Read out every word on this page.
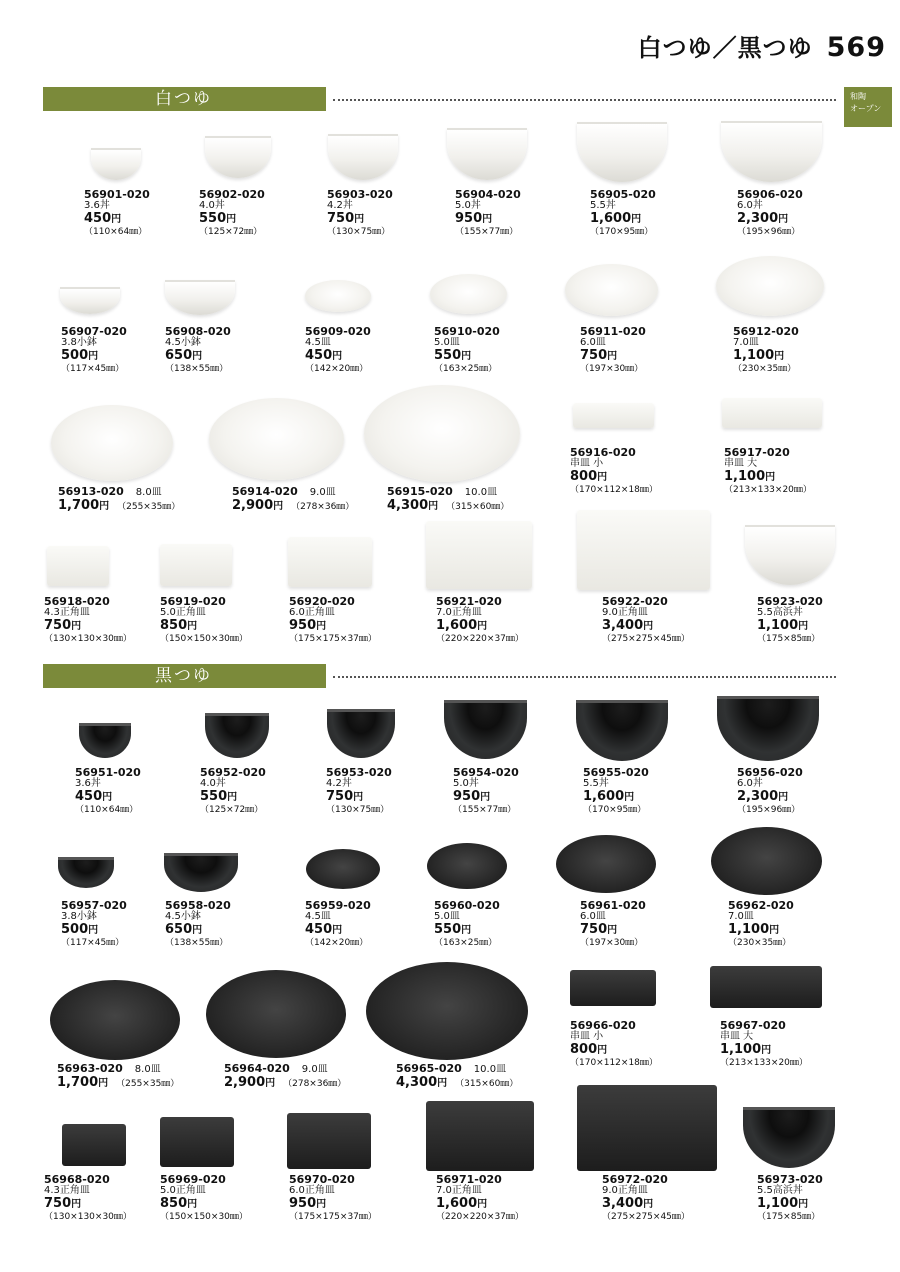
白つゆ／黒つゆ 569
和陶
オープン
白つゆ
黒つゆ
56901-020
3.6丼
450円
（110×64㎜）
56902-020
4.0丼
550円
（125×72㎜）
56903-020
4.2丼
750円
（130×75㎜）
56904-020
5.0丼
950円
（155×77㎜）
56905-020
5.5丼
1,600円
（170×95㎜）
56906-020
6.0丼
2,300円
（195×96㎜）
56907-020
3.8小鉢
500円
（117×45㎜）
56908-020
4.5小鉢
650円
（138×55㎜）
56909-020
4.5皿
450円
（142×20㎜）
56910-020
5.0皿
550円
（163×25㎜）
56911-020
6.0皿
750円
（197×30㎜）
56912-020
7.0皿
1,100円
（230×35㎜）
56913-020 8.0皿
1,700円 （255×35㎜）
56914-020 9.0皿
2,900円 （278×36㎜）
56915-020 10.0皿
4,300円 （315×60㎜）
56916-020
串皿 小
800円
（170×112×18㎜）
56917-020
串皿 大
1,100円
（213×133×20㎜）
56918-020
4.3正角皿
750円
（130×130×30㎜）
56919-020
5.0正角皿
850円
（150×150×30㎜）
56920-020
6.0正角皿
950円
（175×175×37㎜）
56921-020
7.0正角皿
1,600円
（220×220×37㎜）
56922-020
9.0正角皿
3,400円
（275×275×45㎜）
56923-020
5.5高浜丼
1,100円
（175×85㎜）
56951-020
3.6丼
450円
（110×64㎜）
56952-020
4.0丼
550円
（125×72㎜）
56953-020
4.2丼
750円
（130×75㎜）
56954-020
5.0丼
950円
（155×77㎜）
56955-020
5.5丼
1,600円
（170×95㎜）
56956-020
6.0丼
2,300円
（195×96㎜）
56957-020
3.8小鉢
500円
（117×45㎜）
56958-020
4.5小鉢
650円
（138×55㎜）
56959-020
4.5皿
450円
（142×20㎜）
56960-020
5.0皿
550円
（163×25㎜）
56961-020
6.0皿
750円
（197×30㎜）
56962-020
7.0皿
1,100円
（230×35㎜）
56963-020 8.0皿
1,700円 （255×35㎜）
56964-020 9.0皿
2,900円 （278×36㎜）
56965-020 10.0皿
4,300円 （315×60㎜）
56966-020
串皿 小
800円
（170×112×18㎜）
56967-020
串皿 大
1,100円
（213×133×20㎜）
56968-020
4.3正角皿
750円
（130×130×30㎜）
56969-020
5.0正角皿
850円
（150×150×30㎜）
56970-020
6.0正角皿
950円
（175×175×37㎜）
56971-020
7.0正角皿
1,600円
（220×220×37㎜）
56972-020
9.0正角皿
3,400円
（275×275×45㎜）
56973-020
5.5高浜丼
1,100円
（175×85㎜）
